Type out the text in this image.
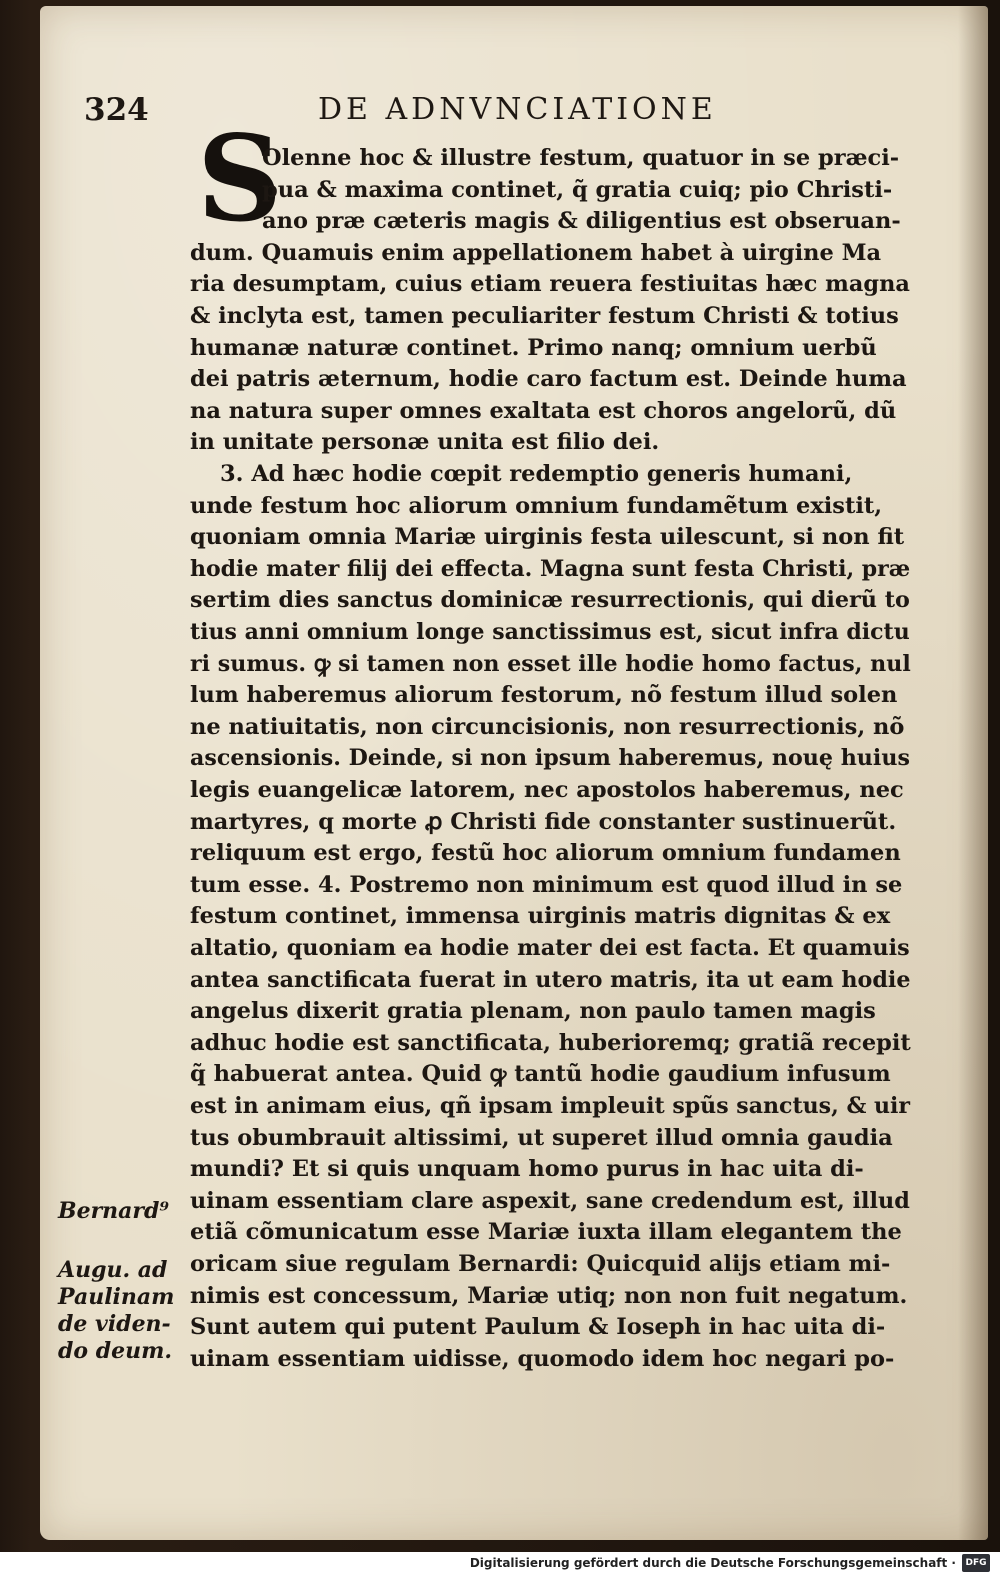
324	DE ADNVNCIATIONE
S
Olenne hoc & illustre festum, quatuor in se præci-
pua & maxima continet, q̃ gratia cuiq; pio Christi-
ano præ cæteris magis & diligentius est obseruan-
dum. Quamuis enim appellationem habet à uirgine Ma
ria desumptam, cuius etiam reuera festiuitas hæc magna
& inclyta est, tamen peculiariter festum Christi & totius
humanæ naturæ continet. Primo nanq; omnium uerbũ
dei patris æternum, hodie caro factum est. Deinde huma
na natura super omnes exaltata est choros angelorũ, dũ
in unitate personæ unita est filio dei.
3. Ad hæc hodie cœpit redemptio generis humani,
unde festum hoc aliorum omnium fundamẽtum existit,
quoniam omnia Mariæ uirginis festa uilescunt, si non fit
hodie mater filij dei effecta. Magna sunt festa Christi, præ
sertim dies sanctus dominicæ resurrectionis, qui dierũ to
tius anni omnium longe sanctissimus est, sicut infra dictu
ri sumus. ꝙ si tamen non esset ille hodie homo factus, nul
lum haberemus aliorum festorum, nõ festum illud solen
ne natiuitatis, non circuncisionis, non resurrectionis, nõ
ascensionis. Deinde, si non ipsum haberemus, nouę huius
legis euangelicæ latorem, nec apostolos haberemus, nec
martyres, q morte ꝓ Christi fide constanter sustinuerũt.
reliquum est ergo, festũ hoc aliorum omnium fundamen
tum esse. 4. Postremo non minimum est quod illud in se
festum continet, immensa uirginis matris dignitas & ex
altatio, quoniam ea hodie mater dei est facta. Et quamuis
antea sanctificata fuerat in utero matris, ita ut eam hodie
angelus dixerit gratia plenam, non paulo tamen magis
adhuc hodie est sanctificata, huberioremq; gratiã recepit
q̃ habuerat antea. Quid ꝙ tantũ hodie gaudium infusum
est in animam eius, qñ ipsam impleuit spũs sanctus, & uir
tus obumbrauit altissimi, ut superet illud omnia gaudia
mundi? Et si quis unquam homo purus in hac uita di-
uinam essentiam clare aspexit, sane credendum est, illud
etiã cõmunicatum esse Mariæ iuxta illam elegantem the
oricam siue regulam Bernardi: Quicquid alijs etiam mi-
nimis est concessum, Mariæ utiq; non non fuit negatum.
Sunt autem qui putent Paulum & Ioseph in hac uita di-
uinam essentiam uidisse, quomodo idem hoc negari po-
Bernard⁹
Augu. ad
Paulinam
de viden-
do deum.
Digitalisierung gefördert durch die Deutsche Forschungsgemeinschaft ·	DFG
